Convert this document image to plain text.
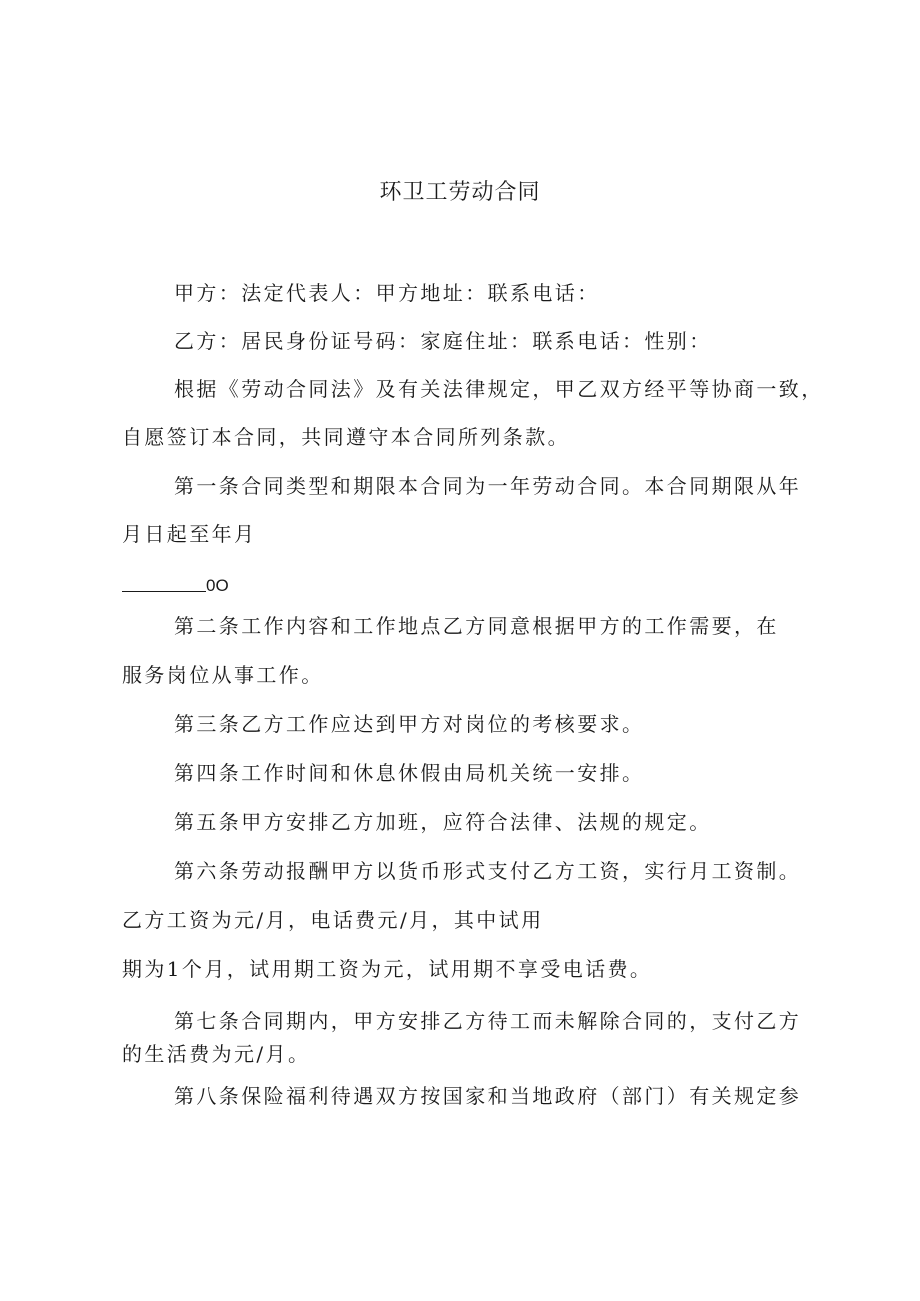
环卫工劳动合同
甲方：法定代表人：甲方地址：联系电话：
乙方：居民身份证号码：家庭住址：联系电话：性别：
根据《劳动合同法》及有关法律规定，甲乙双方经平等协商一致，
自愿签订本合同，共同遵守本合同所列条款。
第一条合同类型和期限本合同为一年劳动合同。本合同期限从年
月日起至年月
0O
第二条工作内容和工作地点乙方同意根据甲方的工作需要，在
服务岗位从事工作。
第三条乙方工作应达到甲方对岗位的考核要求。
第四条工作时间和休息休假由局机关统一安排。
第五条甲方安排乙方加班，应符合法律、法规的规定。
第六条劳动报酬甲方以货币形式支付乙方工资，实行月工资制。
乙方工资为元/月，电话费元/月，其中试用
期为1个月，试用期工资为元，试用期不享受电话费。
第七条合同期内，甲方安排乙方待工而未解除合同的，支付乙方
的生活费为元/月。
第八条保险福利待遇双方按国家和当地政府（部门）有关规定参
